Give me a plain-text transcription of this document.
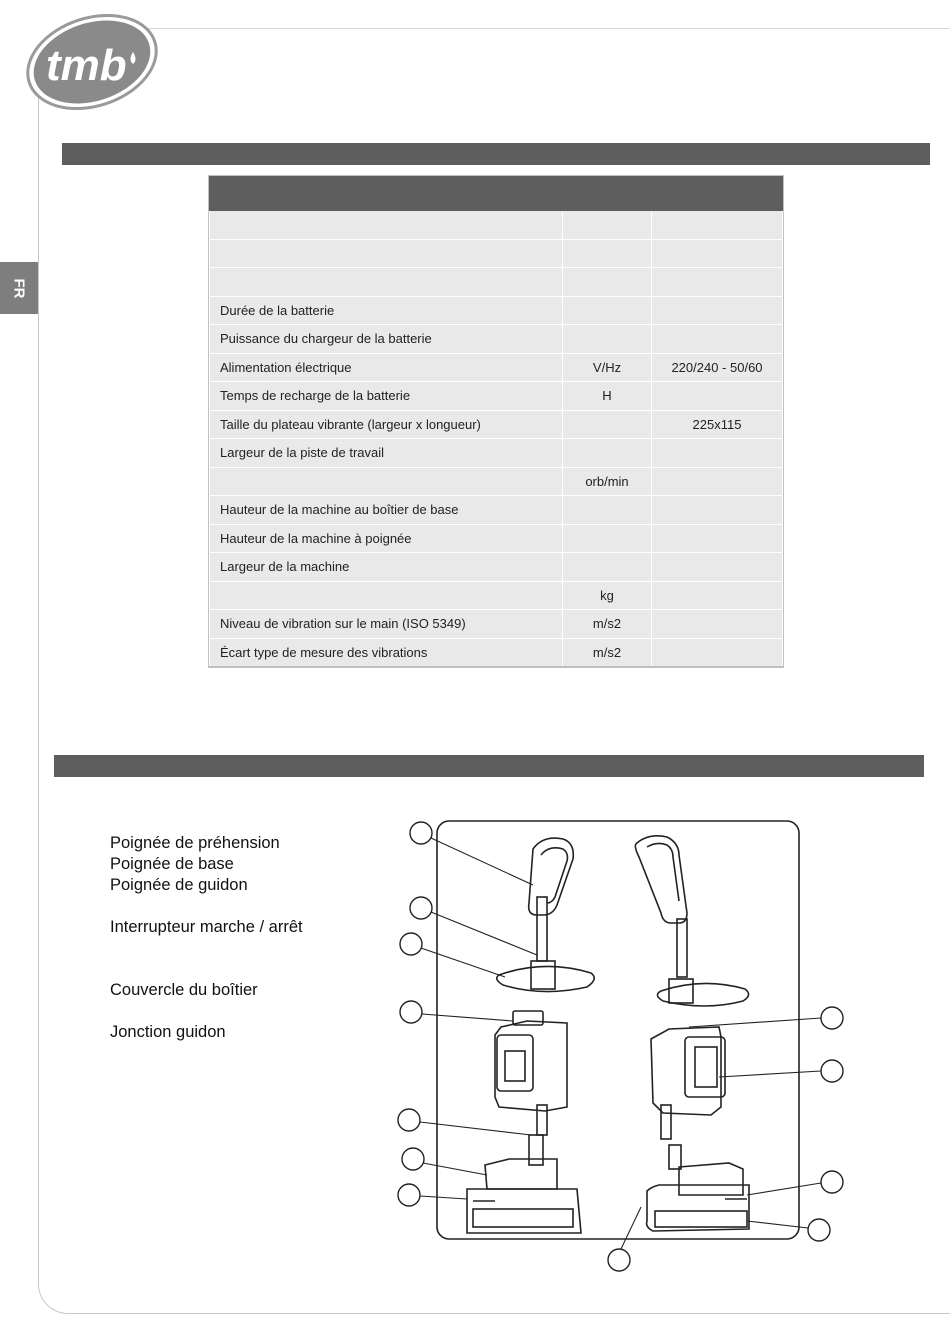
tmb
FR

Durée de la batterie		
Puissance du chargeur de la batterie		
Alimentation électrique	V/Hz	220/240 - 50/60
Temps de recharge de la batterie	H	
Taille du plateau vibrante (largeur x longueur)		225x115
Largeur de la piste de travail		
	orb/min	
Hauteur de la machine au boîtier de base		
Hauteur de la machine à poignée		
Largeur de la machine		
	kg	
Niveau de vibration sur le main (ISO 5349)	m/s2	
Écart type de mesure des vibrations	m/s2	
Poignée de préhension
Poignée de base
Poignée de guidon
Interrupteur marche / arrêt
Couvercle du boîtier
Jonction guidon
